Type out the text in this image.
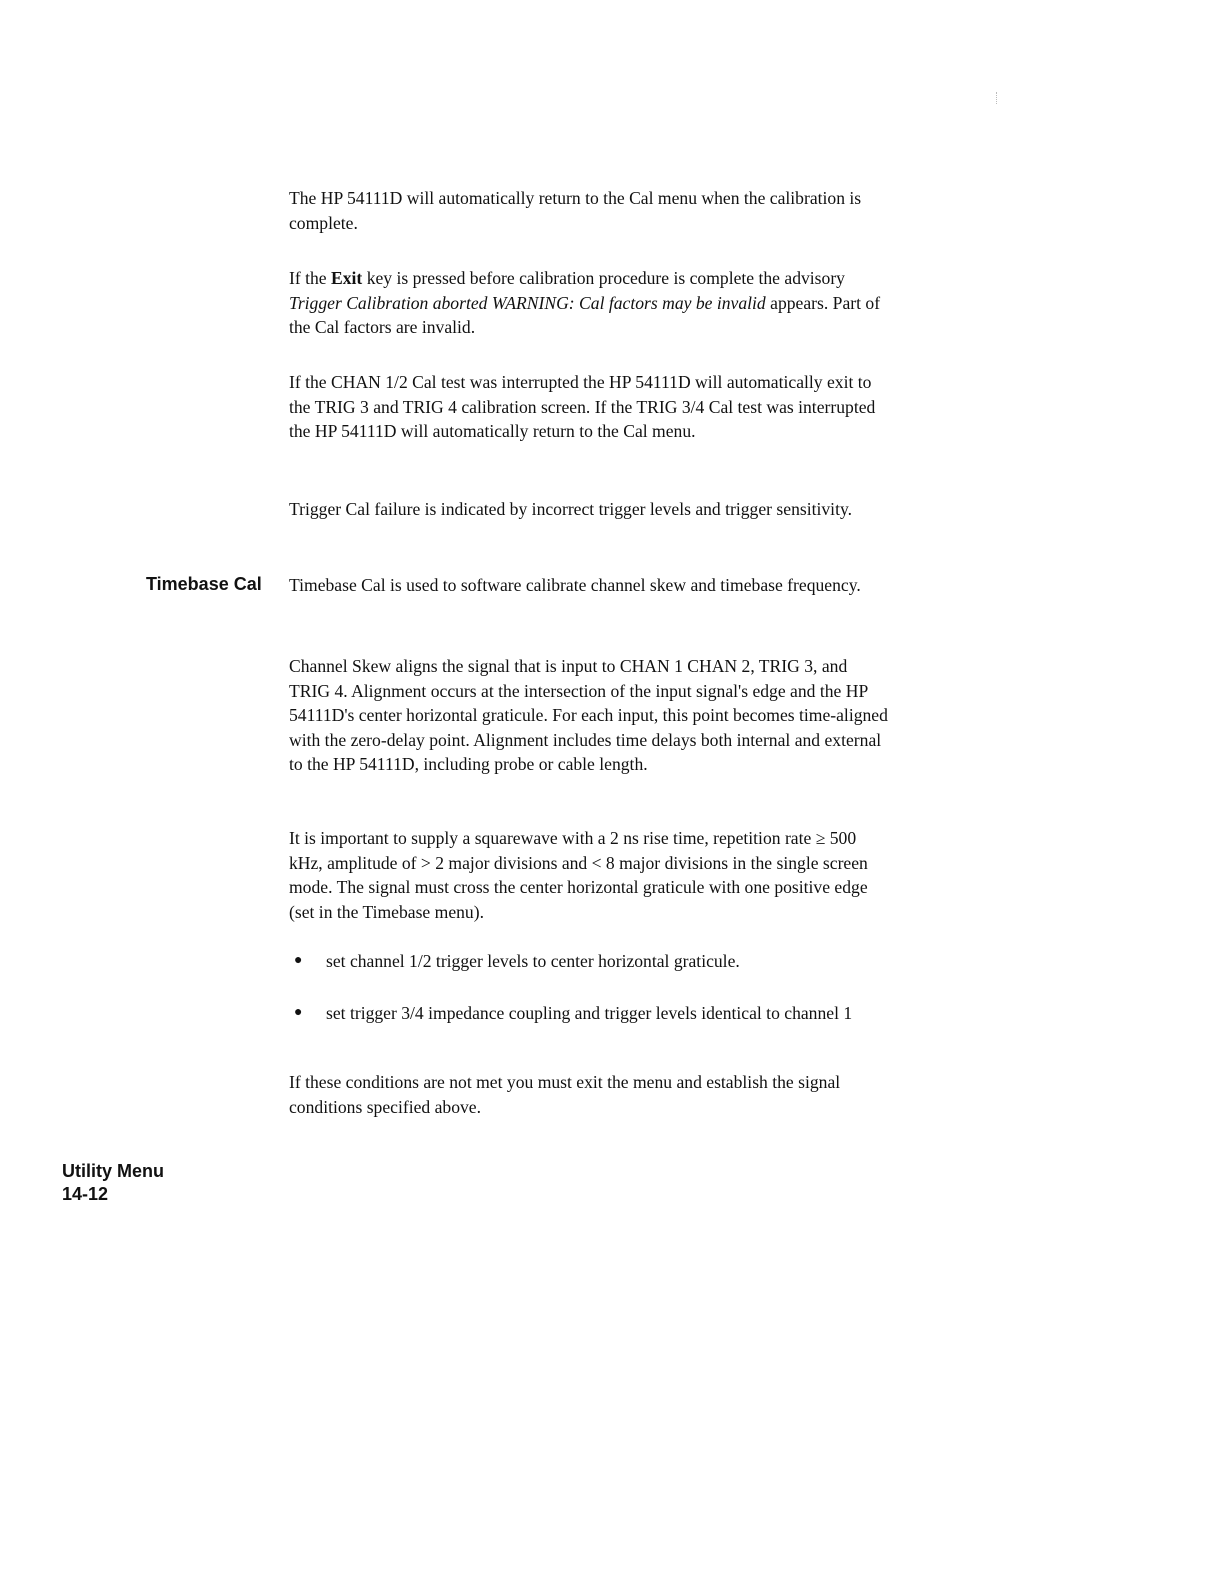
The HP 54111D will automatically return to the Cal menu when the calibration is complete.

If the Exit key is pressed before calibration procedure is complete the advisory Trigger Calibration aborted WARNING: Cal factors may be invalid appears. Part of the Cal factors are invalid.

If the CHAN 1/2 Cal test was interrupted the HP 54111D will automatically exit to the TRIG 3 and TRIG 4 calibration screen. If the TRIG 3/4 Cal test was interrupted the HP 54111D will automatically return to the Cal menu.

Trigger Cal failure is indicated by incorrect trigger levels and trigger sensitivity.

Timebase Cal Timebase Cal is used to software calibrate channel skew and timebase frequency.

Channel Skew aligns the signal that is input to CHAN 1 CHAN 2, TRIG 3, and TRIG 4. Alignment occurs at the intersection of the input signal's edge and the HP 54111D's center horizontal graticule. For each input, this point becomes time-aligned with the zero-delay point. Alignment includes time delays both internal and external to the HP 54111D, including probe or cable length.

It is important to supply a squarewave with a 2 ns rise time, repetition rate ≥ 500 kHz, amplitude of > 2 major divisions and < 8 major divisions in the single screen mode. The signal must cross the center horizontal graticule with one positive edge (set in the Timebase menu).

● set channel 1/2 trigger levels to center horizontal graticule.
● set trigger 3/4 impedance coupling and trigger levels identical to channel 1

If these conditions are not met you must exit the menu and establish the signal conditions specified above.

Utility Menu
14-12
